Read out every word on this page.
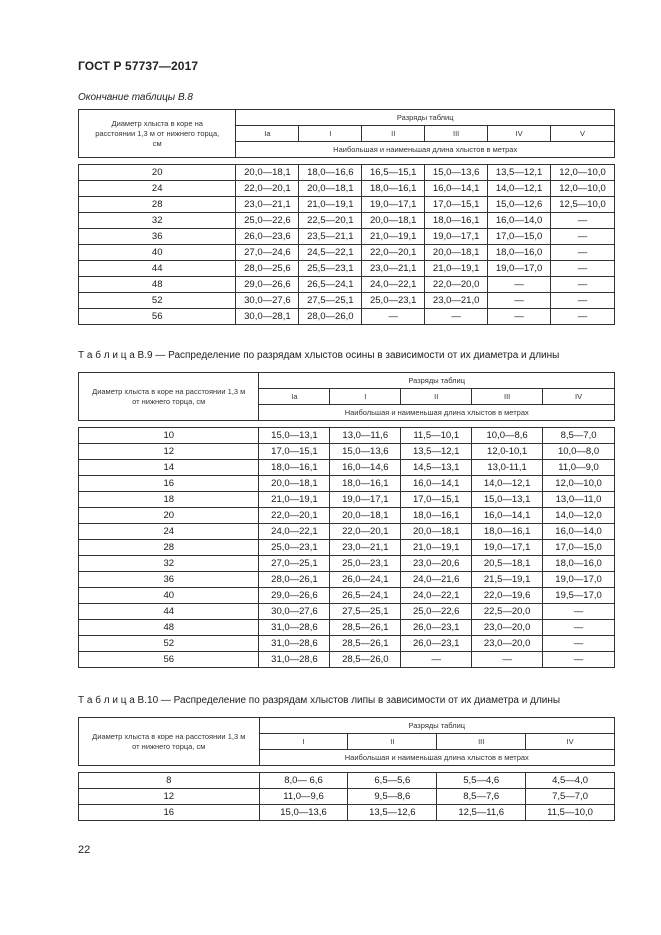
ГОСТ Р 57737—2017
Окончание таблицы В.8
Диаметр хлыста в коре на расстоянии 1,3 м от нижнего торца, см	Разряды таблиц					
	Ia	I	II	III	IV	V
	Наибольшая и наименьшая длина хлыстов в метрах					

20	20,0—18,1	18,0—16,6	16,5—15,1	15,0—13,6	13,5—12,1	12,0—10,0
24	22,0—20,1	20,0—18,1	18,0—16,1	16,0—14,1	14,0—12,1	12,0—10,0
28	23,0—21,1	21,0—19,1	19,0—17,1	17,0—15,1	15,0—12,6	12,5—10,0
32	25,0—22,6	22,5—20,1	20,0—18,1	18,0—16,1	16,0—14,0	—
36	26,0—23,6	23,5—21,1	21,0—19,1	19,0—17,1	17,0—15,0	—
40	27,0—24,6	24,5—22,1	22,0—20,1	20,0—18,1	18,0—16,0	—
44	28,0—25,6	25,5—23,1	23,0—21,1	21,0—19,1	19,0—17,0	—
48	29,0—26,6	26,5—24,1	24,0—22,1	22,0—20,0	—	—
52	30,0—27,6	27,5—25,1	25,0—23,1	23,0—21,0	—	—
56	30,0—28,1	28,0—26,0	—	—	—	—
Т а б л и ц а В.9 — Распределение по разрядам хлыстов осины в зависимости от их диаметра и длины
Диаметр хлыста в коре на расстоянии 1,3 м от нижнего торца, см	Разряды таблиц				
	Ia	I	II	III	IV
	Наибольшая и наименьшая длина хлыстов в метрах				

10	15,0—13,1	13,0—11,6	11,5—10,1	10,0—8,6	8,5—7,0
12	17,0—15,1	15,0—13,6	13,5—12,1	12,0-10,1	10,0—8,0
14	18,0—16,1	16,0—14,6	14,5—13,1	13,0-11,1	11,0—9,0
16	20,0—18,1	18,0—16,1	16,0—14,1	14,0—12,1	12,0—10,0
18	21,0—19,1	19,0—17,1	17,0—15,1	15,0—13,1	13,0—11,0
20	22,0—20,1	20,0—18,1	18,0—16,1	16,0—14,1	14,0—12,0
24	24,0—22,1	22,0—20,1	20,0—18,1	18,0—16,1	16,0—14,0
28	25,0—23,1	23,0—21,1	21,0—19,1	19,0—17,1	17,0—15,0
32	27,0—25,1	25,0—23,1	23,0—20,6	20,5—18,1	18,0—16,0
36	28,0—26,1	26,0—24,1	24,0—21,6	21,5—19,1	19,0—17,0
40	29,0—26,6	26,5—24,1	24,0—22,1	22,0—19,6	19,5—17,0
44	30,0—27,6	27,5—25,1	25,0—22,6	22,5—20,0	—
48	31,0—28,6	28,5—26,1	26,0—23,1	23,0—20,0	—
52	31,0—28,6	28,5—26,1	26,0—23,1	23,0—20,0	—
56	31,0—28,6	28,5—26,0	—	—	—
Т а б л и ц а В.10 — Распределение по разрядам хлыстов липы в зависимости от их диаметра и длины
Диаметр хлыста в коре на расстоянии 1,3 м от нижнего торца, см	Разряды таблиц			
	I	II	III	IV
	Наибольшая и наименьшая длина хлыстов в метрах			

8	8,0— 6,6	6,5—5,6	5,5—4,6	4,5—4,0
12	11,0—9,6	9,5—8,6	8,5—7,6	7,5—7,0
16	15,0—13,6	13,5—12,6	12,5—11,6	11,5—10,0
22
